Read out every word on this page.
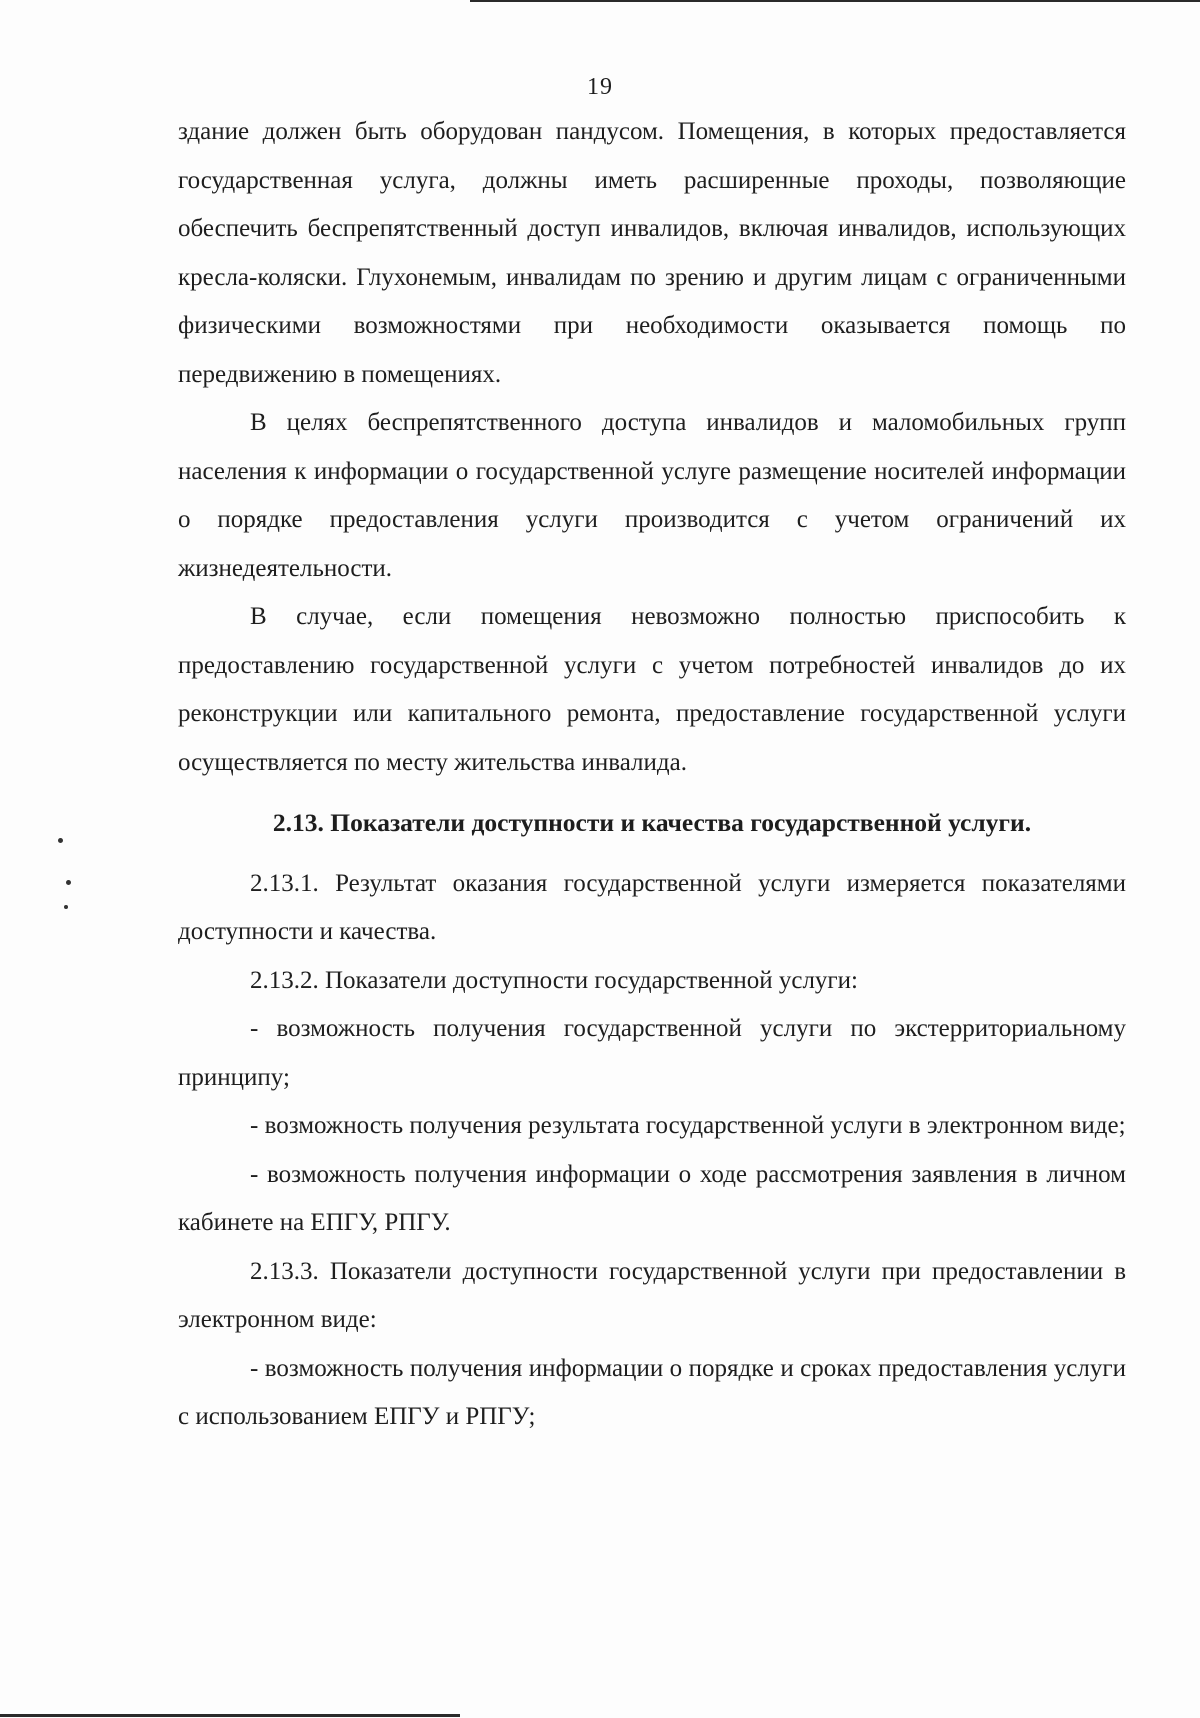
19

здание должен быть оборудован пандусом. Помещения, в которых предоставляется государственная услуга, должны иметь расширенные проходы, позволяющие обеспечить беспрепятственный доступ инвалидов, включая инвалидов, использующих кресла-коляски. Глухонемым, инвалидам по зрению и другим лицам с ограниченными физическими возможностями при необходимости оказывается помощь по передвижению в помещениях.

В целях беспрепятственного доступа инвалидов и маломобильных групп населения к информации о государственной услуге размещение носителей информации о порядке предоставления услуги производится с учетом ограничений их жизнедеятельности.

В случае, если помещения невозможно полностью приспособить к предоставлению государственной услуги с учетом потребностей инвалидов до их реконструкции или капитального ремонта, предоставление государственной услуги осуществляется по месту жительства инвалида.

2.13. Показатели доступности и качества государственной услуги.

2.13.1. Результат оказания государственной услуги измеряется показателями доступности и качества.

2.13.2. Показатели доступности государственной услуги:

- возможность получения государственной услуги по экстерриториальному принципу;

- возможность получения результата государственной услуги в электронном виде;

- возможность получения информации о ходе рассмотрения заявления в личном кабинете на ЕПГУ, РПГУ.

2.13.3. Показатели доступности государственной услуги при предоставлении в электронном виде:

- возможность получения информации о порядке и сроках предоставления услуги с использованием ЕПГУ и РПГУ;
